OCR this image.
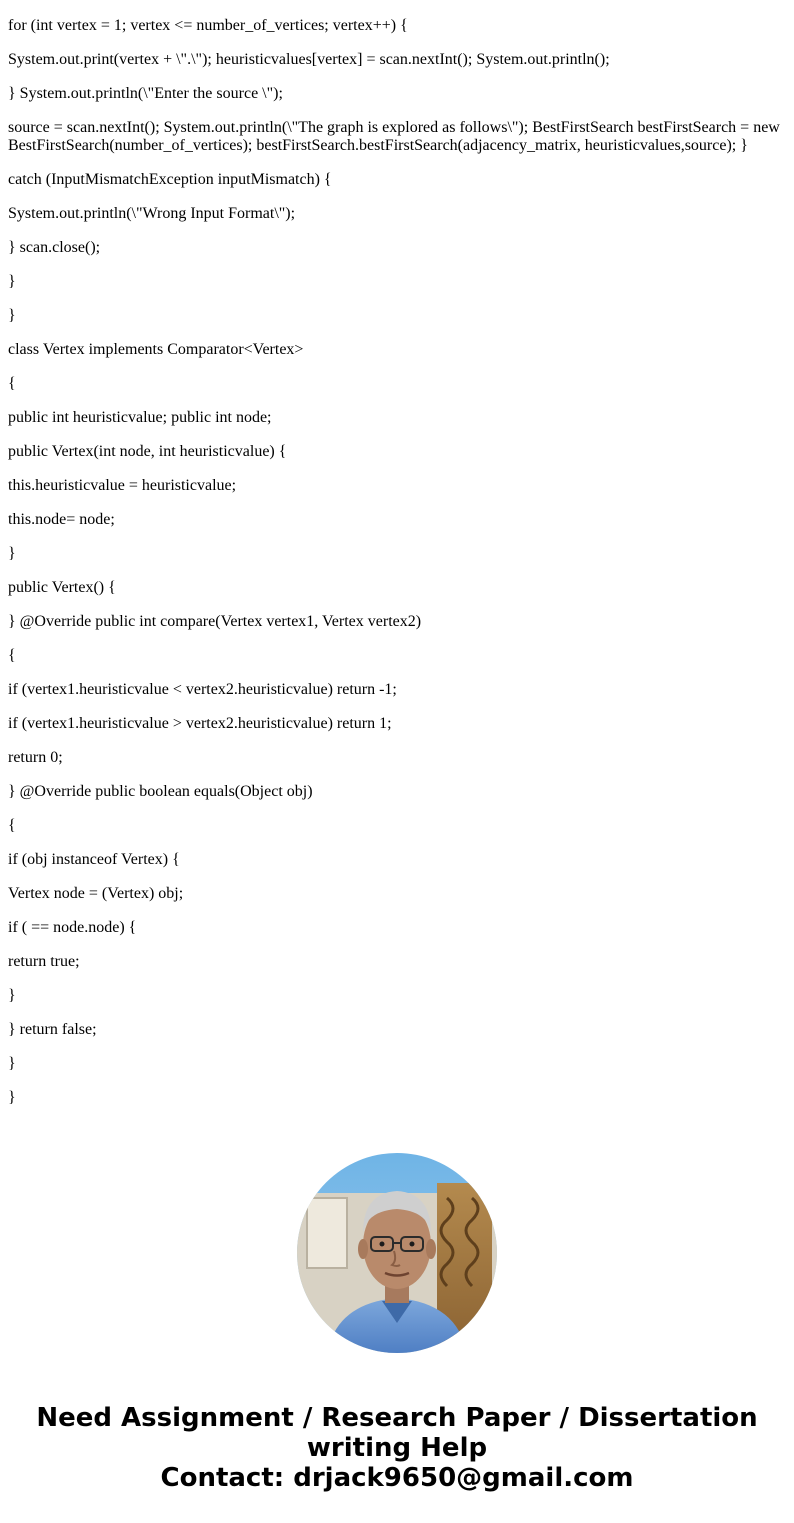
for (int vertex = 1; vertex <= number_of_vertices; vertex++) {

System.out.print(vertex + \".\"); heuristicvalues[vertex] = scan.nextInt(); System.out.println();

} System.out.println(\"Enter the source \");

source = scan.nextInt(); System.out.println(\"The graph is explored as follows\"); BestFirstSearch bestFirstSearch = new BestFirstSearch(number_of_vertices); bestFirstSearch.bestFirstSearch(adjacency_matrix, heuristicvalues,source); }

catch (InputMismatchException inputMismatch) {

System.out.println(\"Wrong Input Format\");

} scan.close();

}

}

class Vertex implements Comparator<Vertex>

{

public int heuristicvalue; public int node;

public Vertex(int node, int heuristicvalue) {

this.heuristicvalue = heuristicvalue;

this.node= node;

}

public Vertex() {

} @Override public int compare(Vertex vertex1, Vertex vertex2)

{

if (vertex1.heuristicvalue < vertex2.heuristicvalue) return -1;

if (vertex1.heuristicvalue > vertex2.heuristicvalue) return 1;

return 0;

} @Override public boolean equals(Object obj)

{

if (obj instanceof Vertex) {

Vertex node = (Vertex) obj;

if ( == node.node) {

return true;

}

} return false;

}

}

Need Assignment / Research Paper / Dissertation
writing Help
Contact: drjack9650@gmail.com
